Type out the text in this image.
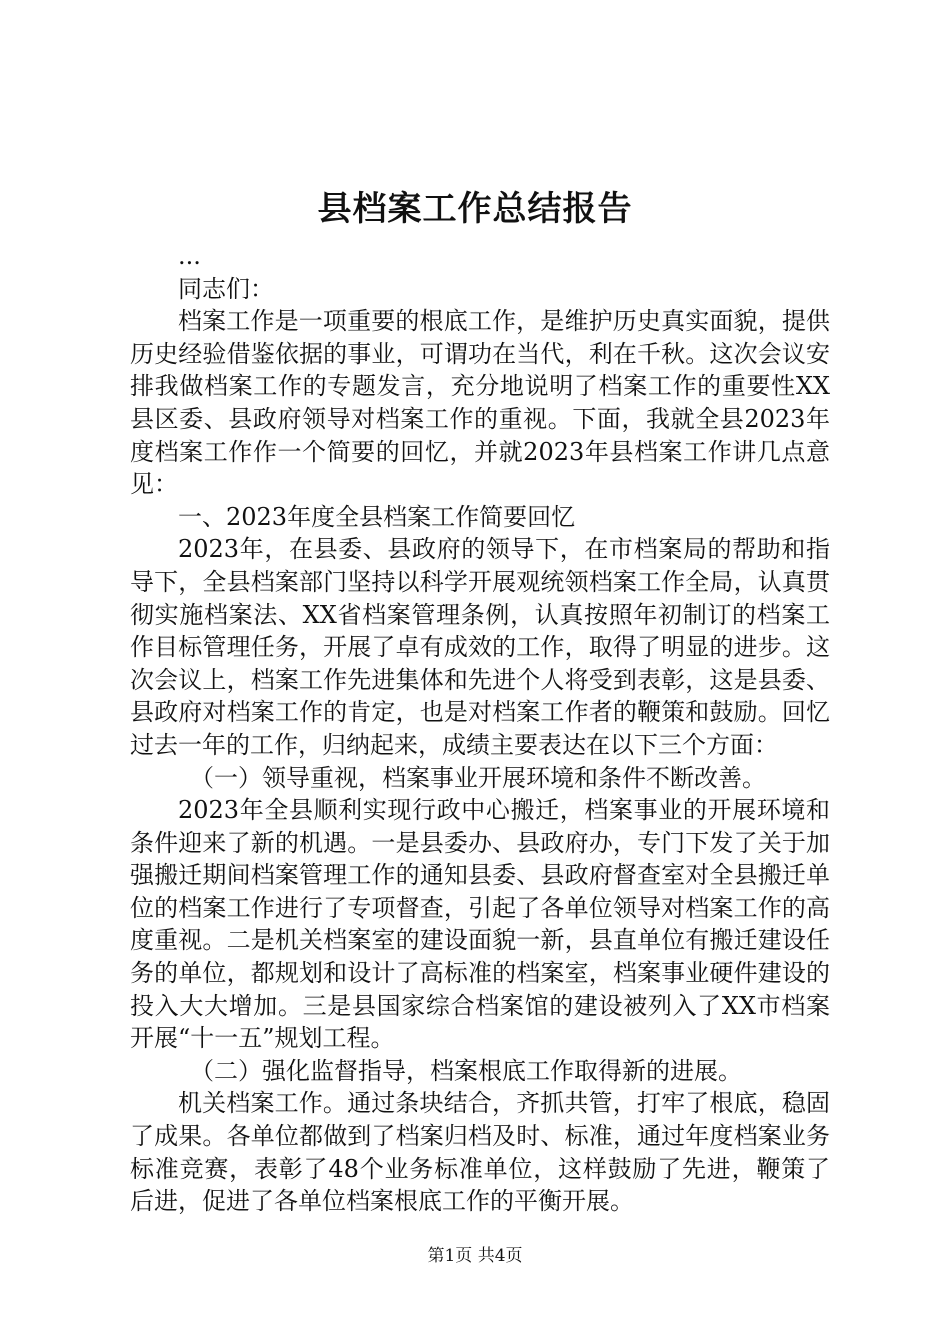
县档案工作总结报告

...

同志们：

档案工作是一项重要的根底工作，是维护历史真实面貌，提供历史经验借鉴依据的事业，可谓功在当代，利在千秋。这次会议安排我做档案工作的专题发言，充分地说明了档案工作的重要性XX县区委、县政府领导对档案工作的重视。下面，我就全县2023年度档案工作作一个简要的回忆，并就2023年县档案工作讲几点意见：

一、2023年度全县档案工作简要回忆

2023年，在县委、县政府的领导下，在市档案局的帮助和指导下，全县档案部门坚持以科学开展观统领档案工作全局，认真贯彻实施档案法、XX省档案管理条例，认真按照年初制订的档案工作目标管理任务，开展了卓有成效的工作，取得了明显的进步。这次会议上，档案工作先进集体和先进个人将受到表彰，这是县委、县政府对档案工作的肯定，也是对档案工作者的鞭策和鼓励。回忆过去一年的工作，归纳起来，成绩主要表达在以下三个方面：

（一）领导重视，档案事业开展环境和条件不断改善。

2023年全县顺利实现行政中心搬迁，档案事业的开展环境和条件迎来了新的机遇。一是县委办、县政府办，专门下发了关于加强搬迁期间档案管理工作的通知县委、县政府督查室对全县搬迁单位的档案工作进行了专项督查，引起了各单位领导对档案工作的高度重视。二是机关档案室的建设面貌一新，县直单位有搬迁建设任务的单位，都规划和设计了高标准的档案室，档案事业硬件建设的投入大大增加。三是县国家综合档案馆的建设被列入了XX市档案开展“十一五”规划工程。

（二）强化监督指导，档案根底工作取得新的进展。

机关档案工作。通过条块结合，齐抓共管，打牢了根底，稳固了成果。各单位都做到了档案归档及时、标准，通过年度档案业务标准竞赛，表彰了48个业务标准单位，这样鼓励了先进，鞭策了后进，促进了各单位档案根底工作的平衡开展。

第1页 共4页
